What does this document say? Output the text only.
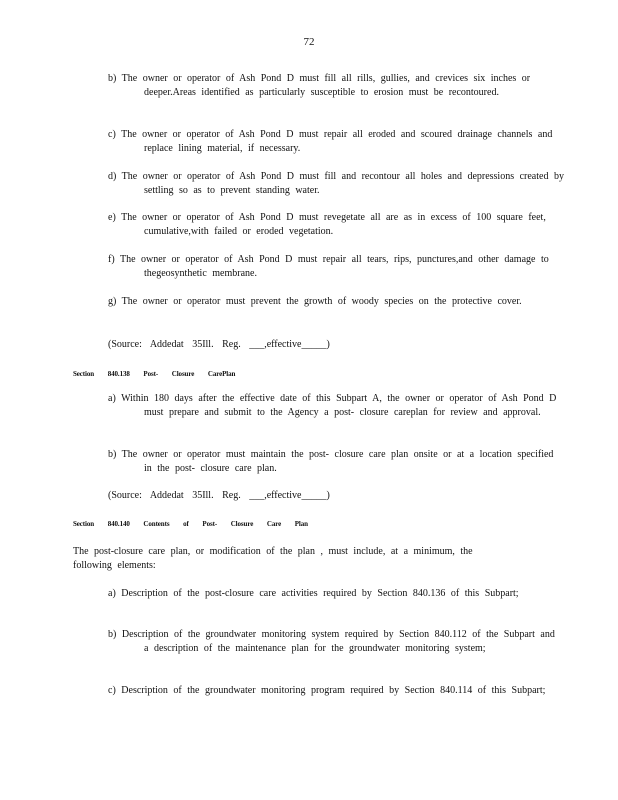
72
b) The owner or operator of Ash Pond D must fill all rills, gullies, and crevices six inches or deeper.Areas identified as particularly susceptible to erosion must be recontoured.
c) The owner or operator of Ash Pond D must repair all eroded and scoured drainage channels and replace lining material, if necessary.
d) The owner or operator of Ash Pond D must fill and recontour all holes and depressions created by settling so as to prevent standing water.
e) The owner or operator of Ash Pond D must revegetate all are as in excess of 100 square feet, cumulative,with failed or eroded vegetation.
f) The owner or operator of Ash Pond D must repair all tears, rips, punctures,and other damage to thegeosynthetic membrane.
g) The owner or operator must prevent the growth of woody species on the protective cover.
(Source: Addedat 35Ill. Reg. ___,effective_____)
Section 840.138 Post- Closure CarePlan
a) Within 180 days after the effective date of this Subpart A, the owner or operator of Ash Pond D must prepare and submit to the Agency a post- closure careplan for review and approval.
b) The owner or operator must maintain the post- closure care plan onsite or at a location specified in the post- closure care plan.
(Source: Addedat 35Ill. Reg. ___,effective_____)
Section 840.140 Contents of Post- Closure Care Plan
The post-closure care plan, or modification of the plan , must include, at a minimum, the following elements:
a) Description of the post-closure care activities required by Section 840.136 of this Subpart;
b) Description of the groundwater monitoring system required by Section 840.112 of the Subpart and a description of the maintenance plan for the groundwater monitoring system;
c) Description of the groundwater monitoring program required by Section 840.114 of this Subpart;
